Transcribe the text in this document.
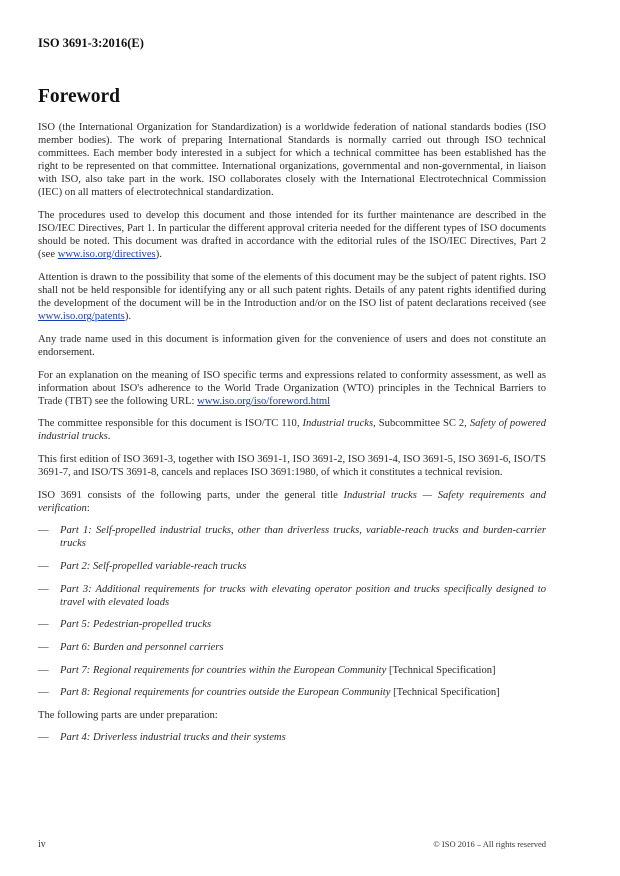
ISO 3691-3:2016(E)
Foreword

ISO (the International Organization for Standardization) is a worldwide federation of national standards bodies (ISO member bodies). The work of preparing International Standards is normally carried out through ISO technical committees. Each member body interested in a subject for which a technical committee has been established has the right to be represented on that committee. International organizations, governmental and non-governmental, in liaison with ISO, also take part in the work. ISO collaborates closely with the International Electrotechnical Commission (IEC) on all matters of electrotechnical standardization.

The procedures used to develop this document and those intended for its further maintenance are described in the ISO/IEC Directives, Part 1. In particular the different approval criteria needed for the different types of ISO documents should be noted. This document was drafted in accordance with the editorial rules of the ISO/IEC Directives, Part 2 (see www.iso.org/directives).

Attention is drawn to the possibility that some of the elements of this document may be the subject of patent rights. ISO shall not be held responsible for identifying any or all such patent rights. Details of any patent rights identified during the development of the document will be in the Introduction and/or on the ISO list of patent declarations received (see www.iso.org/patents).

Any trade name used in this document is information given for the convenience of users and does not constitute an endorsement.

For an explanation on the meaning of ISO specific terms and expressions related to conformity assessment, as well as information about ISO's adherence to the World Trade Organization (WTO) principles in the Technical Barriers to Trade (TBT) see the following URL: www.iso.org/iso/foreword.html

The committee responsible for this document is ISO/TC 110, Industrial trucks, Subcommittee SC 2, Safety of powered industrial trucks.

This first edition of ISO 3691-3, together with ISO 3691-1, ISO 3691-2, ISO 3691-4, ISO 3691-5, ISO 3691-6, ISO/TS 3691-7, and ISO/TS 3691-8, cancels and replaces ISO 3691:1980, of which it constitutes a technical revision.

ISO 3691 consists of the following parts, under the general title Industrial trucks — Safety requirements and verification:

—	Part 1: Self-propelled industrial trucks, other than driverless trucks, variable-reach trucks and burden-carrier trucks
—	Part 2: Self-propelled variable-reach trucks
—	Part 3: Additional requirements for trucks with elevating operator position and trucks specifically designed to travel with elevated loads
—	Part 5: Pedestrian-propelled trucks
—	Part 6: Burden and personnel carriers
—	Part 7: Regional requirements for countries within the European Community [Technical Specification]
—	Part 8: Regional requirements for countries outside the European Community [Technical Specification]

The following parts are under preparation:

—	Part 4: Driverless industrial trucks and their systems
iv	© ISO 2016 – All rights reserved
